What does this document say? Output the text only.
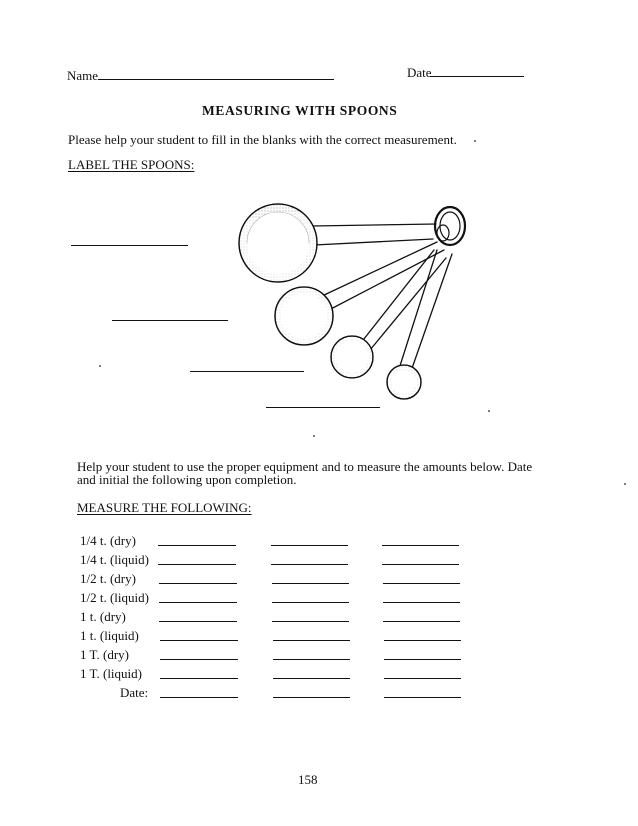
Name	Date
MEASURING WITH SPOONS
Please help your student to fill in the blanks with the correct measurement.
LABEL THE SPOONS:
Help your student to use the proper equipment and to measure the amounts below. Date
and initial the following upon completion.
MEASURE THE FOLLOWING:
1/4 t. (dry)
1/4 t. (liquid)
1/2 t. (dry)
1/2 t. (liquid)
1 t. (dry)
1 t. (liquid)
1 T. (dry)
1 T. (liquid)
Date:
158
